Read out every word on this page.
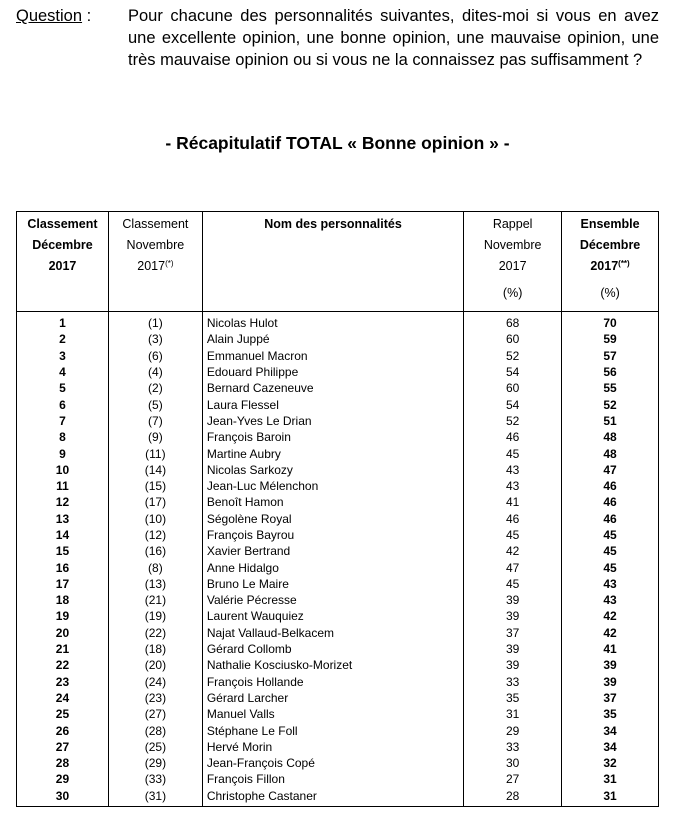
Question :	Pour chacune des personnalités suivantes, dites-moi si vous en avez une excellente opinion, une bonne opinion, une mauvaise opinion, une très mauvaise opinion ou si vous ne la connaissez pas suffisamment ?
- Récapitulatif TOTAL « Bonne opinion » -
Classement
Décembre
2017	Classement
Novembre
2017(*)	Nom des personnalités	Rappel
Novembre
2017
(%)	Ensemble
Décembre
2017(**)
(%)

1	(1)	Nicolas Hulot	68	70
2	(3)	Alain Juppé	60	59
3	(6)	Emmanuel Macron	52	57
4	(4)	Edouard Philippe	54	56
5	(2)	Bernard Cazeneuve	60	55
6	(5)	Laura Flessel	54	52
7	(7)	Jean-Yves Le Drian	52	51
8	(9)	François Baroin	46	48
9	(11)	Martine Aubry	45	48
10	(14)	Nicolas Sarkozy	43	47
11	(15)	Jean-Luc Mélenchon	43	46
12	(17)	Benoît Hamon	41	46
13	(10)	Ségolène Royal	46	46
14	(12)	François Bayrou	45	45
15	(16)	Xavier Bertrand	42	45
16	(8)	Anne Hidalgo	47	45
17	(13)	Bruno Le Maire	45	43
18	(21)	Valérie Pécresse	39	43
19	(19)	Laurent Wauquiez	39	42
20	(22)	Najat Vallaud-Belkacem	37	42
21	(18)	Gérard Collomb	39	41
22	(20)	Nathalie Kosciusko-Morizet	39	39
23	(24)	François Hollande	33	39
24	(23)	Gérard Larcher	35	37
25	(27)	Manuel Valls	31	35
26	(28)	Stéphane Le Foll	29	34
27	(25)	Hervé Morin	33	34
28	(29)	Jean-François Copé	30	32
29	(33)	François Fillon	27	31
30	(31)	Christophe Castaner	28	31
